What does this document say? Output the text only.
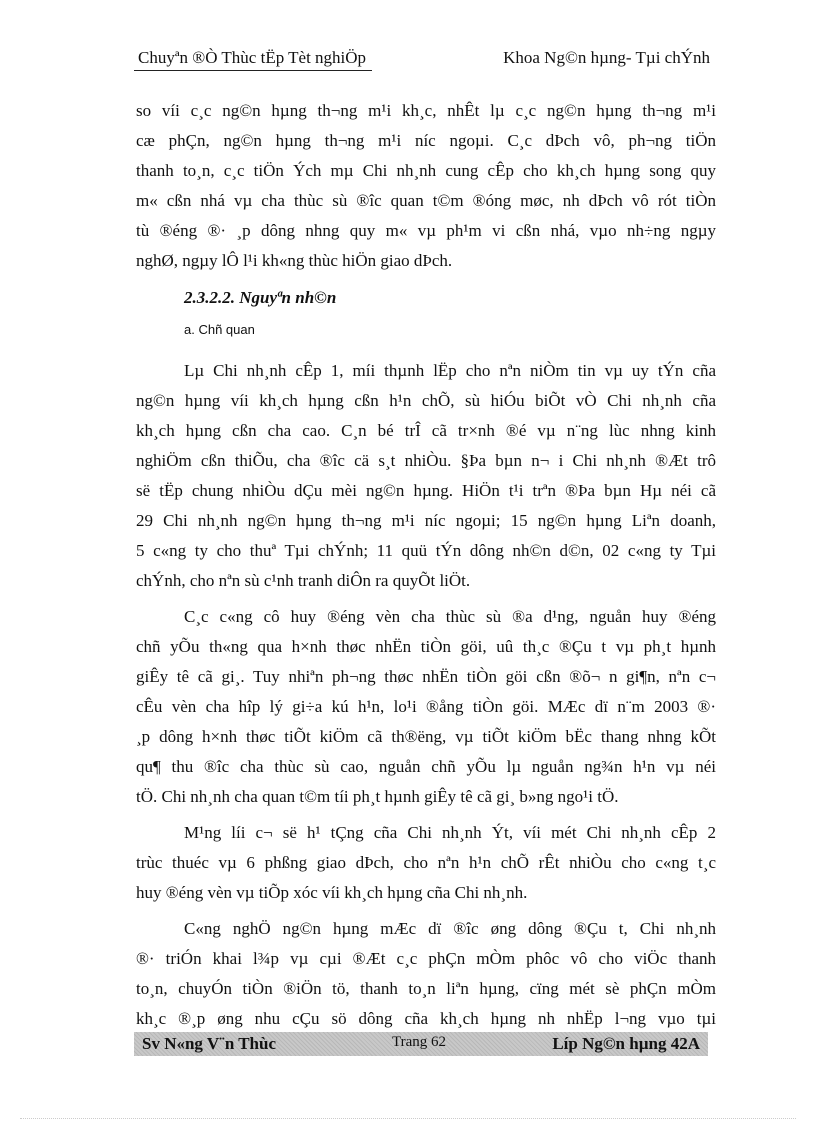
Chuyªn ®Ò Thùc tËp Tèt nghiÖp	Khoa Ng©n hµng- Tµi chÝnh
so víi c¸c ng©n hµng th¬ng m¹i kh¸c, nhÊt lµ c¸c ng©n hµng th¬ng m¹i
cæ phÇn, ng©n hµng th¬ng m¹i níc ngoµi. C¸c dÞch vô, ph¬ng tiÖn
thanh to¸n, c¸c tiÖn Ých mµ Chi nh¸nh cung cÊp cho kh¸ch hµng song quy
m« cßn nhá vµ cha thùc sù ®îc quan t©m ®óng møc, nh dÞch vô rót tiÒn
tù ®éng ®· ¸p dông nhng quy m« vµ ph¹m vi cßn nhá, vµo nh÷ng ngµy
nghØ, ngµy lÔ l¹i kh«ng thùc hiÖn giao dÞch.
2.3.2.2. Nguyªn nh©n
a. Chñ quan
Lµ Chi nh¸nh cÊp 1, míi thµnh lËp cho nªn niÒm tin vµ uy tÝn cña
ng©n hµng víi kh¸ch hµng cßn h¹n chÕ, sù hiÓu biÕt vÒ Chi nh¸nh cña
kh¸ch hµng cßn cha cao. C¸n bé trÎ cã tr×nh ®é vµ n¨ng lùc nhng kinh
nghiÖm cßn thiÕu, cha ®îc cä s¸t nhiÒu. §Þa bµn n¬ i Chi nh¸nh ®Æt trô
së tËp chung nhiÒu dÇu mèi ng©n hµng. HiÖn t¹i trªn ®Þa bµn Hµ néi cã
29 Chi nh¸nh ng©n hµng th¬ng m¹i níc ngoµi; 15 ng©n hµng Liªn doanh,
5 c«ng ty cho thuª Tµi chÝnh; 11 quü tÝn dông nh©n d©n, 02 c«ng ty Tµi
chÝnh, cho nªn sù c¹nh tranh diÔn ra quyÕt liÖt.
C¸c c«ng cô huy ®éng vèn cha thùc sù ®a d¹ng, nguån huy ®éng
chñ yÕu th«ng qua h×nh thøc nhËn tiÒn göi, uû th¸c ®Çu t vµ ph¸t hµnh
giÊy tê cã gi¸. Tuy nhiªn ph¬ng thøc nhËn tiÒn göi cßn ®õ¬ n gi¶n, nªn c¬
cÊu vèn cha hîp lý gi÷a kú h¹n, lo¹i ®ång tiÒn göi. MÆc dï n¨m 2003 ®·
¸p dông h×nh thøc tiÕt kiÖm cã th®ëng, vµ tiÕt kiÖm bËc thang nhng kÕt
qu¶ thu ®îc cha thùc sù cao, nguån chñ yÕu lµ nguån ng¾n h¹n vµ néi
tÖ. Chi nh¸nh cha quan t©m tíi ph¸t hµnh giÊy tê cã gi¸ b»ng ngo¹i tÖ.
M¹ng líi c¬ së h¹ tÇng cña Chi nh¸nh Ýt, víi mét Chi nh¸nh cÊp 2
trùc thuéc vµ 6 phßng giao dÞch, cho nªn h¹n chÕ rÊt nhiÒu cho c«ng t¸c
huy ®éng vèn vµ tiÕp xóc víi kh¸ch hµng cña Chi nh¸nh.
C«ng nghÖ ng©n hµng mÆc dï ®îc øng dông ®Çu t, Chi nh¸nh
®· triÓn khai l¾p vµ cµi ®Æt c¸c phÇn mÒm phôc vô cho viÖc thanh
to¸n, chuyÓn tiÒn ®iÖn tö, thanh to¸n liªn hµng, cïng mét sè phÇn mÒm
kh¸c ®¸p øng nhu cÇu sö dông cña kh¸ch hµng nh nhËp l¬ng vµo tµi
Sv N«ng V¨n Thùc	Trang 62	Líp Ng©n hµng 42A
